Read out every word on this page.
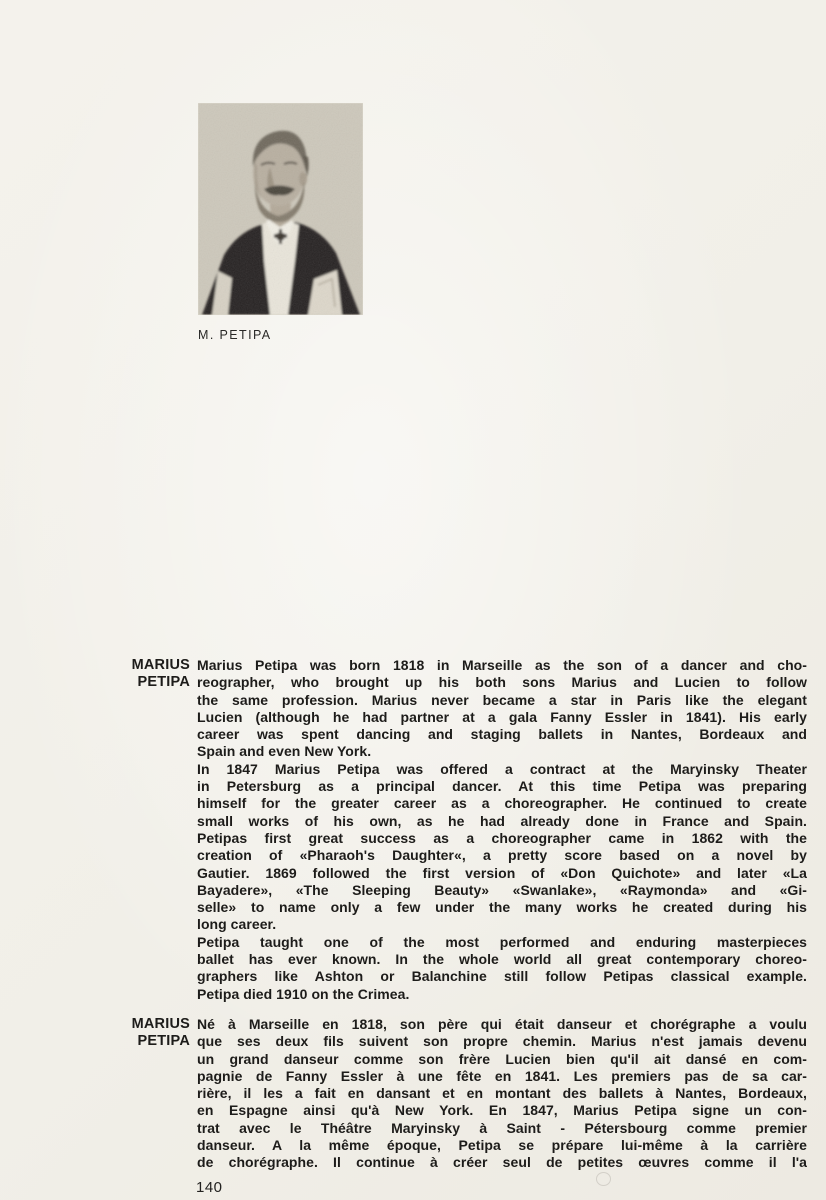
M. PETIPA
MARIUS
PETIPA
Marius Petipa was born 1818 in Marseille as the son of a dancer and cho-
reographer, who brought up his both sons Marius and Lucien to follow
the same profession. Marius never became a star in Paris like the elegant
Lucien (although he had partner at a gala Fanny Essler in 1841). His early
career was spent dancing and staging ballets in Nantes, Bordeaux and
Spain and even New York.
In 1847 Marius Petipa was offered a contract at the Maryinsky Theater
in Petersburg as a principal dancer. At this time Petipa was preparing
himself for the greater career as a choreographer. He continued to create
small works of his own, as he had already done in France and Spain.
Petipas first great success as a choreographer came in 1862 with the
creation of «Pharaoh's Daughter«, a pretty score based on a novel by
Gautier. 1869 followed the first version of «Don Quichote» and later «La
Bayadere», «The Sleeping Beauty» «Swanlake», «Raymonda» and «Gi-
selle» to name only a few under the many works he created during his
long career.
Petipa taught one of the most performed and enduring masterpieces
ballet has ever known. In the whole world all great contemporary choreo-
graphers like Ashton or Balanchine still follow Petipas classical example.
Petipa died 1910 on the Crimea.
MARIUS
PETIPA
Né à Marseille en 1818, son père qui était danseur et chorégraphe a voulu
que ses deux fils suivent son propre chemin. Marius n'est jamais devenu
un grand danseur comme son frère Lucien bien qu'il ait dansé en com-
pagnie de Fanny Essler à une fête en 1841. Les premiers pas de sa car-
rière, il les a fait en dansant et en montant des ballets à Nantes, Bordeaux,
en Espagne ainsi qu'à New York. En 1847, Marius Petipa signe un con-
trat avec le Théâtre Maryinsky à Saint - Pétersbourg comme premier
danseur. A la même époque, Petipa se prépare lui-même à la carrière
de chorégraphe. Il continue à créer seul de petites œuvres comme il l'a
140
